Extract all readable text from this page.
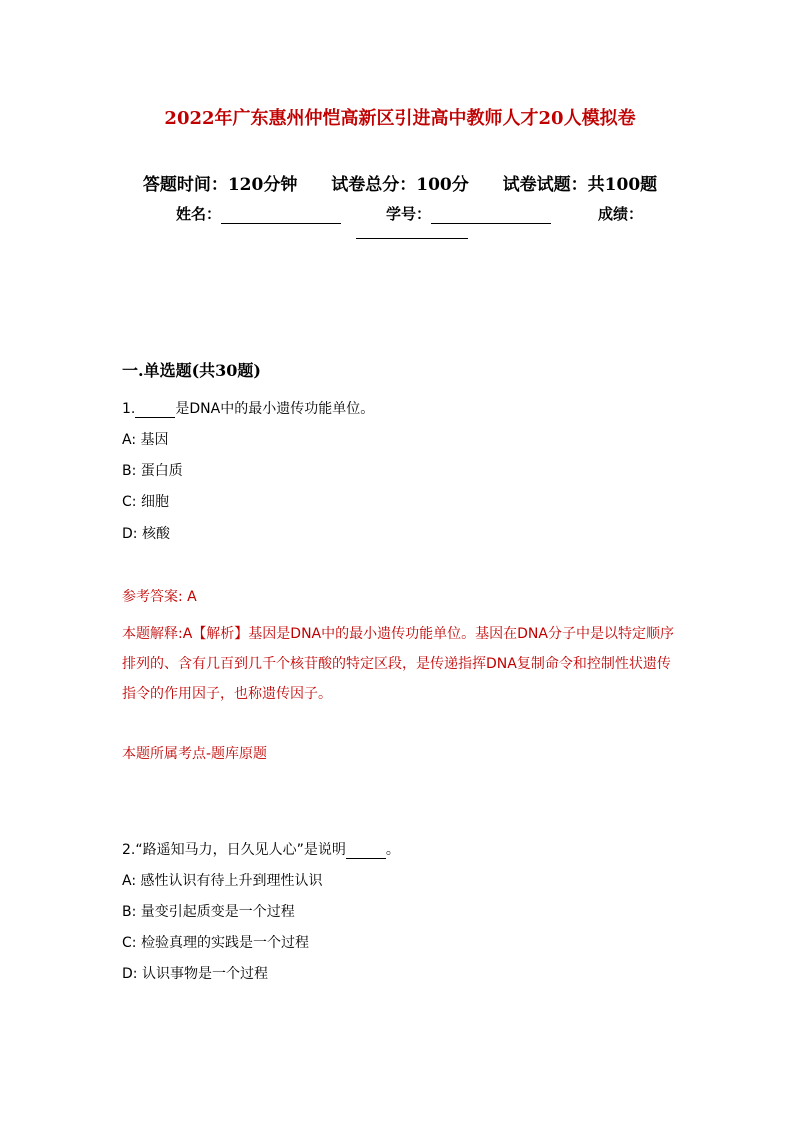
2022年广东惠州仲恺高新区引进高中教师人才20人模拟卷
答题时间：120分钟 试卷总分：100分 试卷试题：共100题
姓名：	学号：	成绩：
一.单选题(共30题)
1.	是DNA中的最小遗传功能单位。
A: 基因
B: 蛋白质
C: 细胞
D: 核酸
参考答案: A
本题解释:A【解析】基因是DNA中的最小遗传功能单位。基因在DNA分子中是以特定顺序排列的、含有几百到几千个核苷酸的特定区段，是传递指挥DNA复制命令和控制性状遗传指令的作用因子，也称遗传因子。
本题所属考点-题库原题
2.“路遥知马力，日久见人心”是说明	。
A: 感性认识有待上升到理性认识
B: 量变引起质变是一个过程
C: 检验真理的实践是一个过程
D: 认识事物是一个过程
